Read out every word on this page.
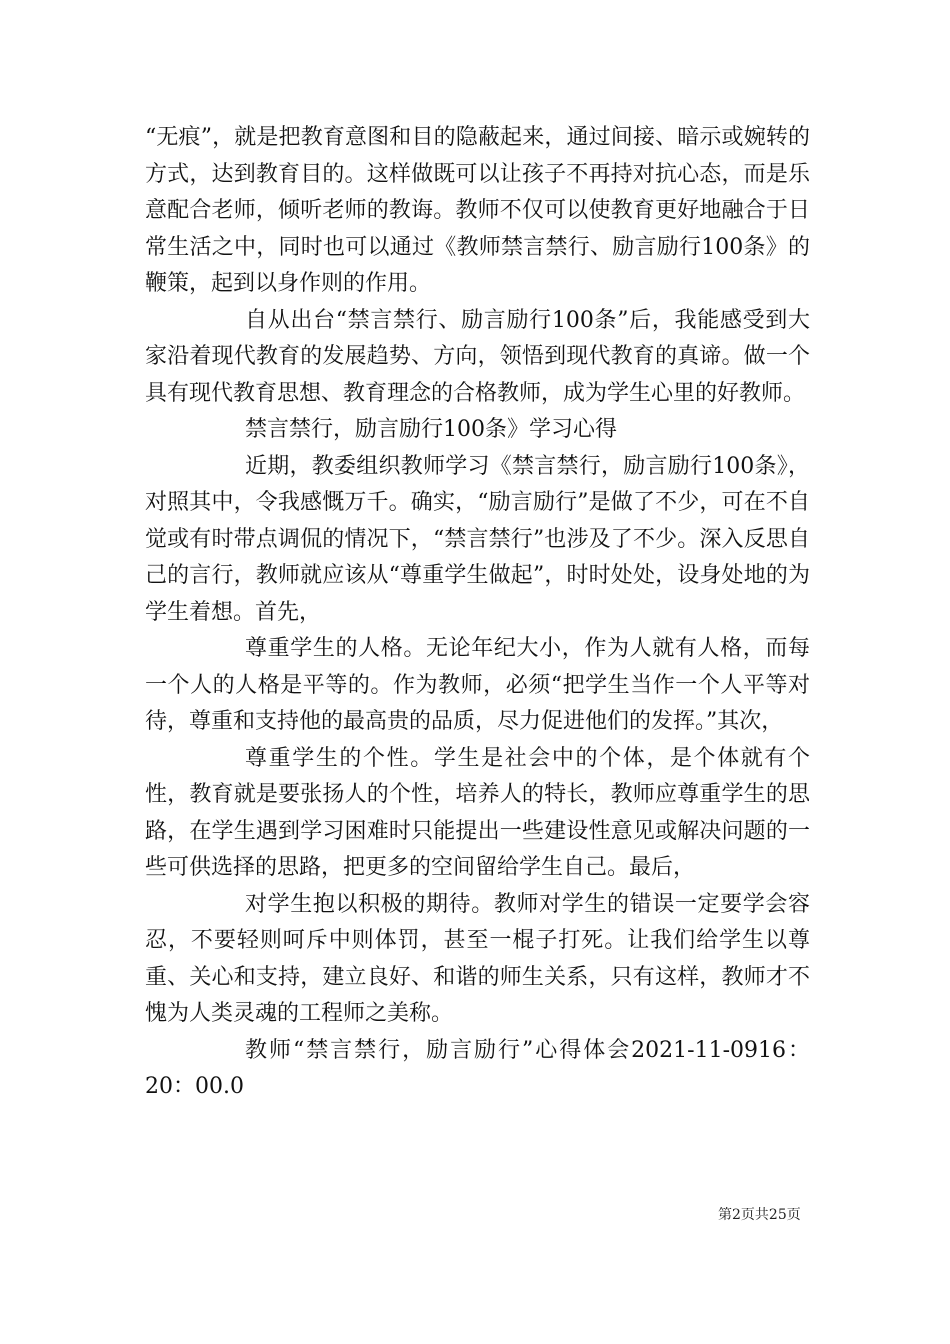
“无痕”，就是把教育意图和目的隐蔽起来，通过间接、暗示或婉转的方式，达到教育目的。这样做既可以让孩子不再持对抗心态，而是乐意配合老师，倾听老师的教诲。教师不仅可以使教育更好地融合于日常生活之中，同时也可以通过《教师禁言禁行、励言励行100条》的鞭策，起到以身作则的作用。

自从出台“禁言禁行、励言励行100条”后，我能感受到大家沿着现代教育的发展趋势、方向，领悟到现代教育的真谛。做一个具有现代教育思想、教育理念的合格教师，成为学生心里的好教师。

禁言禁行，励言励行100条》学习心得

近期，教委组织教师学习《禁言禁行，励言励行100条》，对照其中，令我感慨万千。确实，“励言励行”是做了不少，可在不自觉或有时带点调侃的情况下，“禁言禁行”也涉及了不少。深入反思自己的言行，教师就应该从“尊重学生做起”，时时处处，设身处地的为学生着想。首先，

尊重学生的人格。无论年纪大小，作为人就有人格，而每一个人的人格是平等的。作为教师，必须“把学生当作一个人平等对待，尊重和支持他的最高贵的品质，尽力促进他们的发挥。”其次，

尊重学生的个性。学生是社会中的个体，是个体就有个性，教育就是要张扬人的个性，培养人的特长，教师应尊重学生的思路，在学生遇到学习困难时只能提出一些建设性意见或解决问题的一些可供选择的思路，把更多的空间留给学生自己。最后，

对学生抱以积极的期待。教师对学生的错误一定要学会容忍，不要轻则呵斥中则体罚，甚至一棍子打死。让我们给学生以尊重、关心和支持，建立良好、和谐的师生关系，只有这样，教师才不愧为人类灵魂的工程师之美称。

教师“禁言禁行，励言励行”心得体会2021-11-0916：20：00.0

第2页共25页
